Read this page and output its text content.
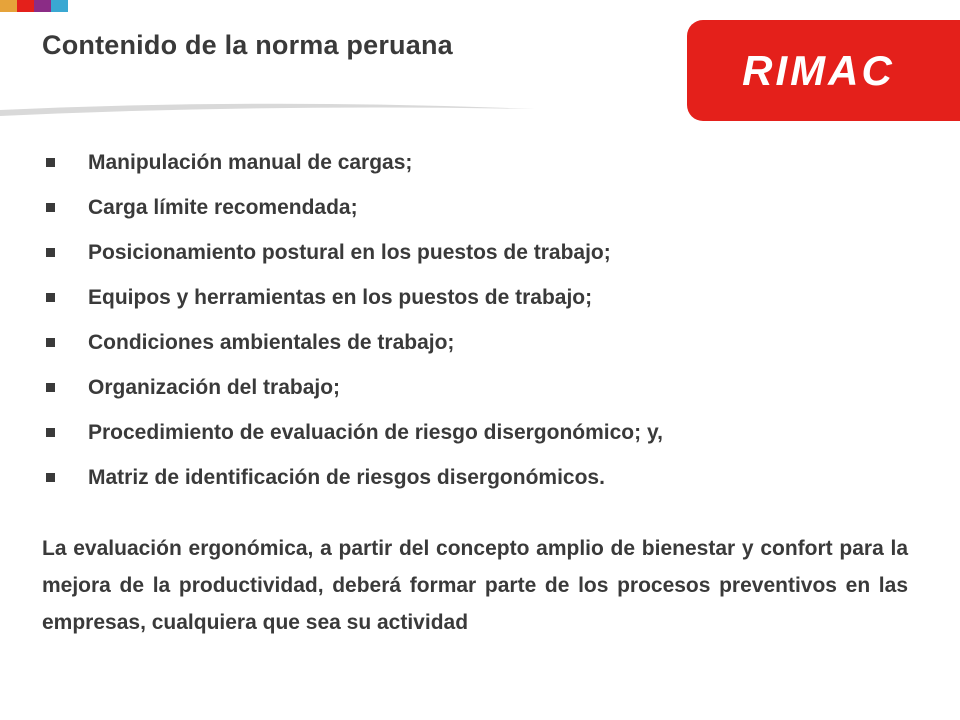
Contenido de la norma peruana
RIMAC
Manipulación manual de cargas;
Carga límite recomendada;
Posicionamiento postural en los puestos de trabajo;
Equipos y herramientas en los puestos de trabajo;
Condiciones ambientales de trabajo;
Organización del trabajo;
Procedimiento de evaluación de riesgo disergonómico; y,
Matriz de identificación de riesgos disergonómicos.
La evaluación ergonómica, a partir del concepto amplio de bienestar y confort para la mejora de la productividad, deberá formar parte de los procesos preventivos en las empresas, cualquiera que sea su actividad
